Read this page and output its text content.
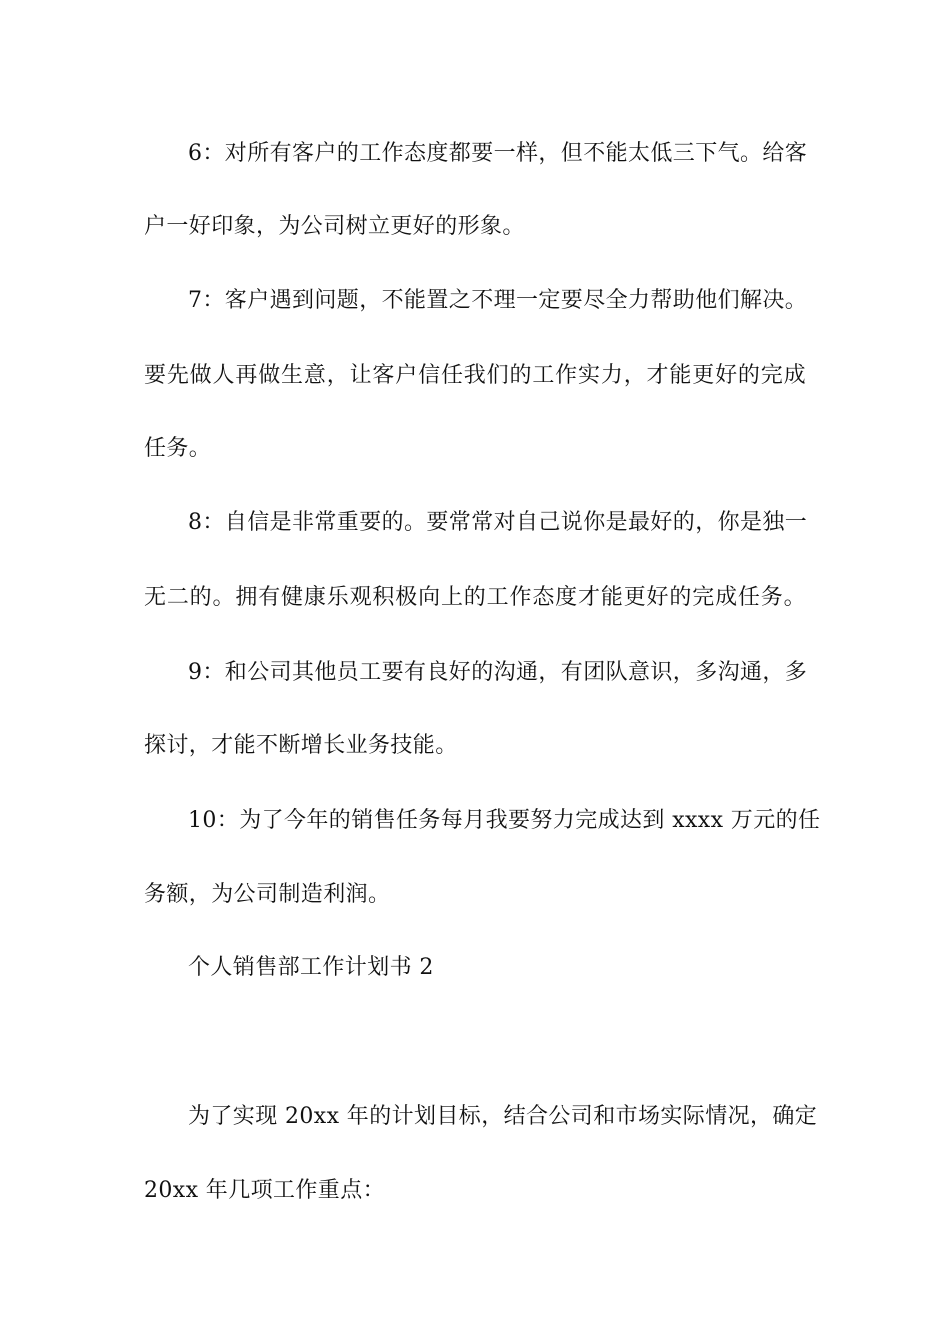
6：对所有客户的工作态度都要一样，但不能太低三下气。给客
户一好印象，为公司树立更好的形象。
7：客户遇到问题，不能置之不理一定要尽全力帮助他们解决。
要先做人再做生意，让客户信任我们的工作实力，才能更好的完成
任务。
8：自信是非常重要的。要常常对自己说你是最好的，你是独一
无二的。拥有健康乐观积极向上的工作态度才能更好的完成任务。
9：和公司其他员工要有良好的沟通，有团队意识，多沟通，多
探讨，才能不断增长业务技能。
10：为了今年的销售任务每月我要努力完成达到 xxxx 万元的任
务额，为公司制造利润。
个人销售部工作计划书 2
为了实现 20xx 年的计划目标，结合公司和市场实际情况，确定
20xx 年几项工作重点：
